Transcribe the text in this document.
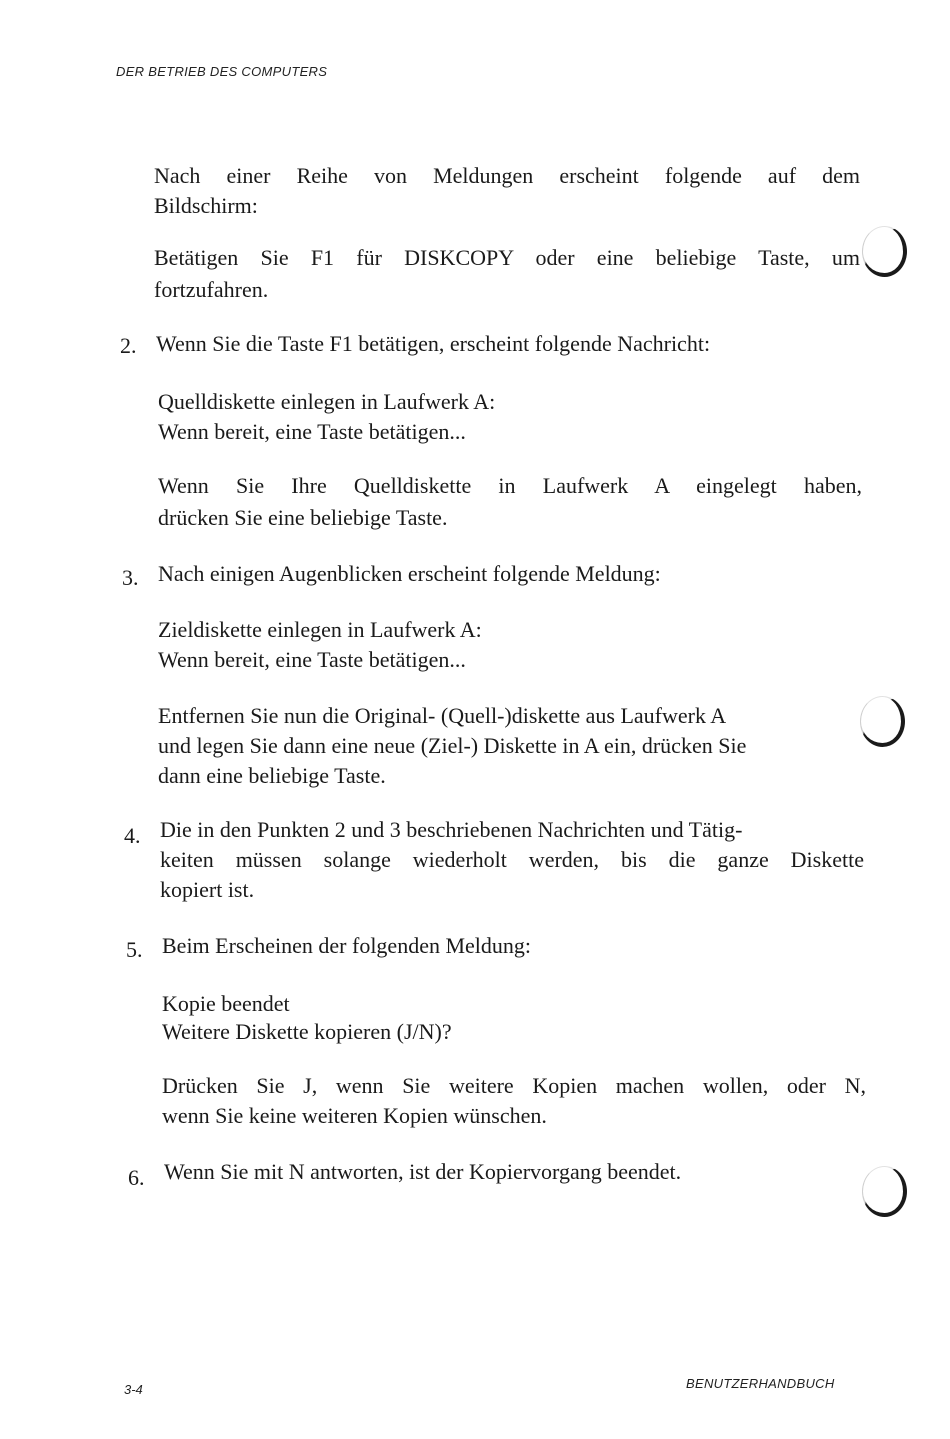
DER BETRIEB DES COMPUTERS
Nach einer Reihe von Meldungen erscheint folgende auf dem
Bildschirm:
Betätigen Sie F1 für DISKCOPY oder eine beliebige Taste, um
fortzufahren.
2. Wenn Sie die Taste F1 betätigen, erscheint folgende Nachricht:
Quelldiskette einlegen in Laufwerk A:
Wenn bereit, eine Taste betätigen...
Wenn Sie Ihre Quelldiskette in Laufwerk A eingelegt haben,
drücken Sie eine beliebige Taste.
3. Nach einigen Augenblicken erscheint folgende Meldung:
Zieldiskette einlegen in Laufwerk A:
Wenn bereit, eine Taste betätigen...
Entfernen Sie nun die Original- (Quell-)diskette aus Laufwerk A
und legen Sie dann eine neue (Ziel-) Diskette in A ein, drücken Sie
dann eine beliebige Taste.
4. Die in den Punkten 2 und 3 beschriebenen Nachrichten und Tätig-
keiten müssen solange wiederholt werden, bis die ganze Diskette
kopiert ist.
5. Beim Erscheinen der folgenden Meldung:
Kopie beendet
Weitere Diskette kopieren (J/N)?
Drücken Sie J, wenn Sie weitere Kopien machen wollen, oder N,
wenn Sie keine weiteren Kopien wünschen.
6. Wenn Sie mit N antworten, ist der Kopiervorgang beendet.
3-4	BENUTZERHANDBUCH
